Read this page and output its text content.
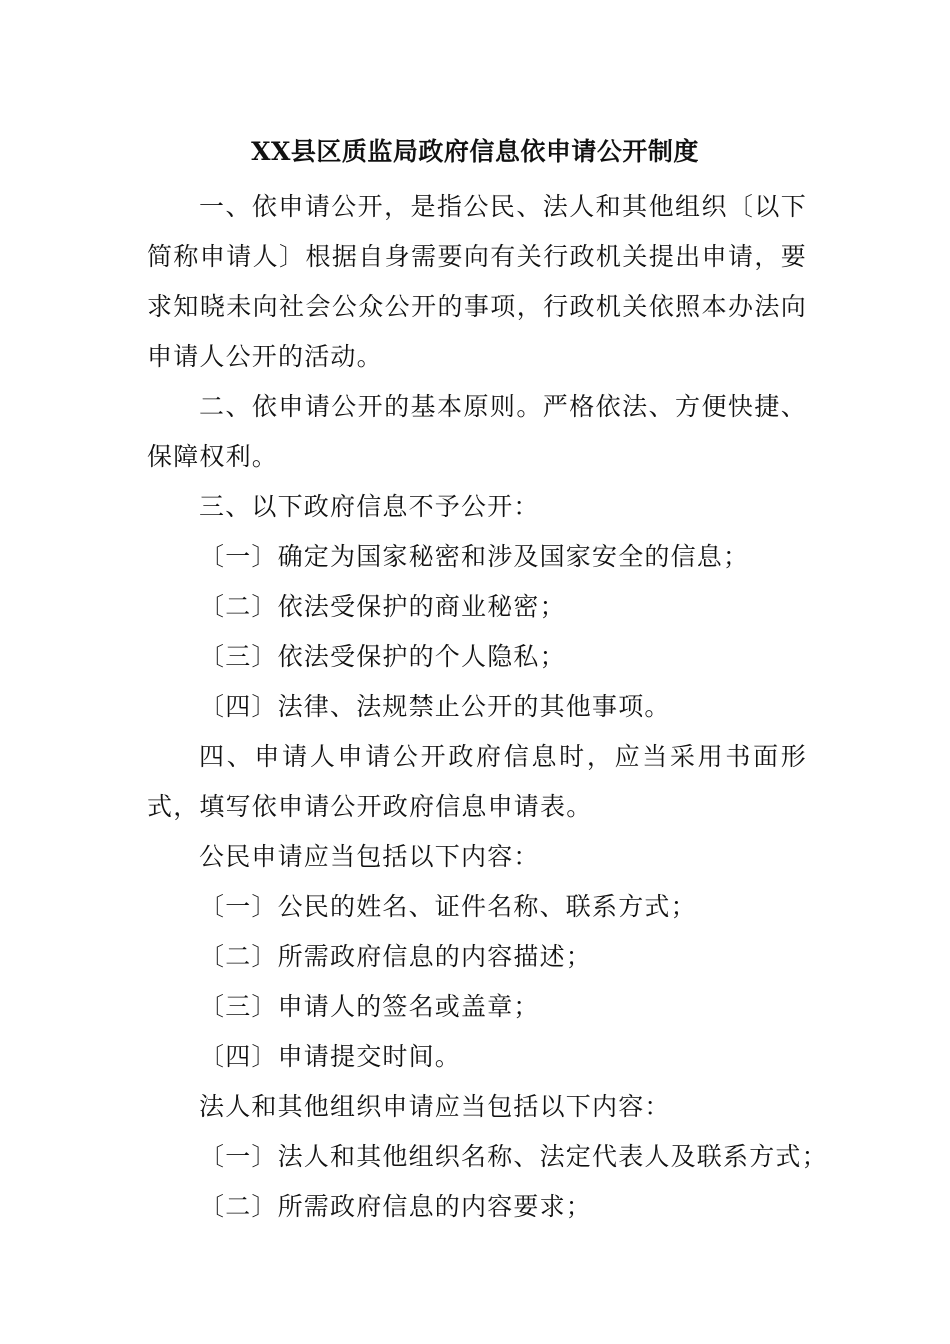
XX县区质监局政府信息依申请公开制度

一、依申请公开，是指公民、法人和其他组织〔以下简称申请人〕根据自身需要向有关行政机关提出申请，要求知晓未向社会公众公开的事项，行政机关依照本办法向申请人公开的活动。

二、依申请公开的基本原则。严格依法、方便快捷、保障权利。

三、以下政府信息不予公开：

〔一〕确定为国家秘密和涉及国家安全的信息；

〔二〕依法受保护的商业秘密；

〔三〕依法受保护的个人隐私；

〔四〕法律、法规禁止公开的其他事项。

四、申请人申请公开政府信息时，应当采用书面形式，填写依申请公开政府信息申请表。

公民申请应当包括以下内容：

〔一〕公民的姓名、证件名称、联系方式；

〔二〕所需政府信息的内容描述；

〔三〕申请人的签名或盖章；

〔四〕申请提交时间。

法人和其他组织申请应当包括以下内容：

〔一〕法人和其他组织名称、法定代表人及联系方式；

〔二〕所需政府信息的内容要求；
